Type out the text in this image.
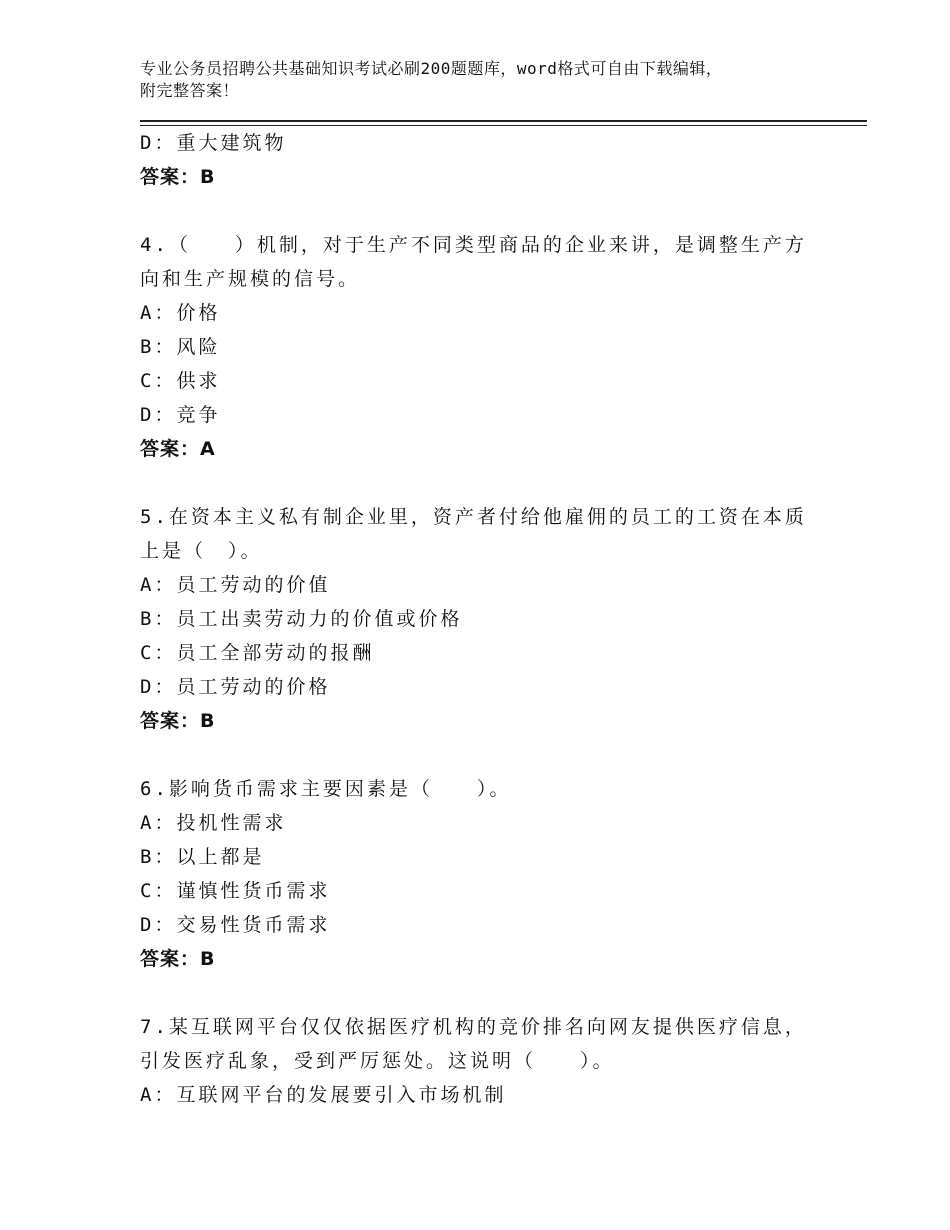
专业公务员招聘公共基础知识考试必刷200题题库，word格式可自由下载编辑，
附完整答案！
D：重大建筑物
答案：B
4.（　　）机制，对于生产不同类型商品的企业来讲，是调整生产方
向和生产规模的信号。
A：价格
B：风险
C：供求
D：竞争
答案：A
5.在资本主义私有制企业里，资产者付给他雇佣的员工的工资在本质
上是（　）。
A：员工劳动的价值
B：员工出卖劳动力的价值或价格
C：员工全部劳动的报酬
D：员工劳动的价格
答案：B
6.影响货币需求主要因素是（　　）。
A：投机性需求
B：以上都是
C：谨慎性货币需求
D：交易性货币需求
答案：B
7.某互联网平台仅仅依据医疗机构的竞价排名向网友提供医疗信息，
引发医疗乱象，受到严厉惩处。这说明（　　）。
A：互联网平台的发展要引入市场机制
